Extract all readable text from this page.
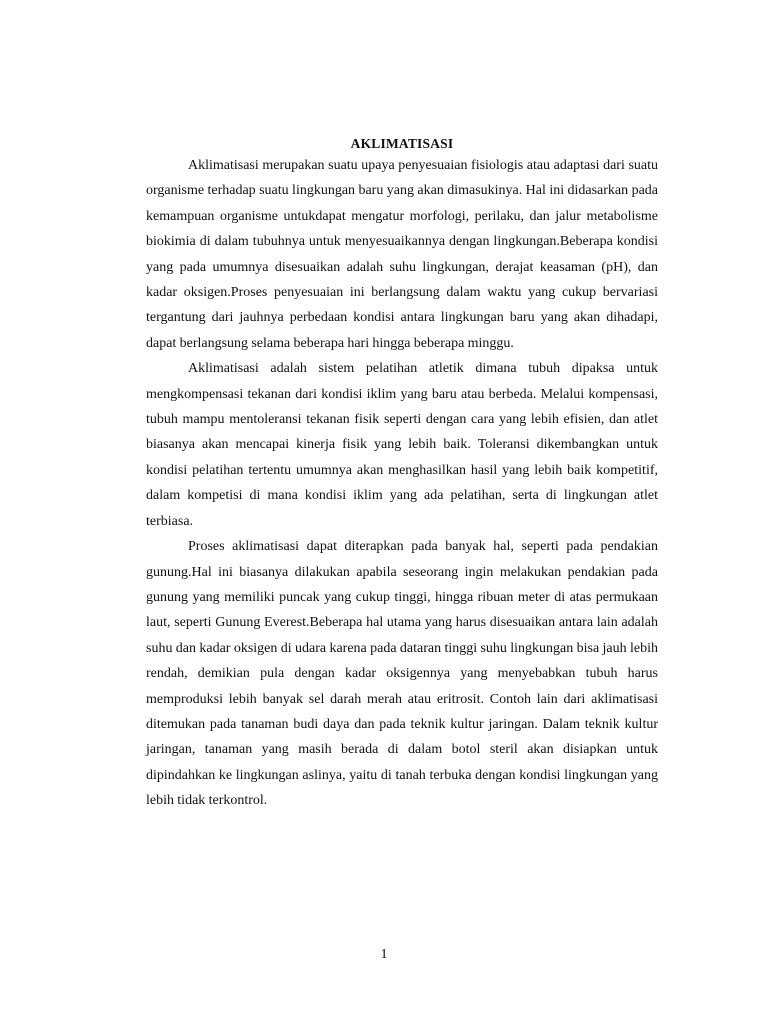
AKLIMATISASI

Aklimatisasi merupakan suatu upaya penyesuaian fisiologis atau adaptasi dari suatu organisme terhadap suatu lingkungan baru yang akan dimasukinya. Hal ini didasarkan pada kemampuan organisme untukdapat mengatur morfologi, perilaku, dan jalur metabolisme biokimia di dalam tubuhnya untuk menyesuaikannya dengan lingkungan.Beberapa kondisi yang pada umumnya disesuaikan adalah suhu lingkungan, derajat keasaman (pH), dan kadar oksigen.Proses penyesuaian ini berlangsung dalam waktu yang cukup bervariasi tergantung dari jauhnya perbedaan kondisi antara lingkungan baru yang akan dihadapi, dapat berlangsung selama beberapa hari hingga beberapa minggu.

Aklimatisasi adalah sistem pelatihan atletik dimana tubuh dipaksa untuk mengkompensasi tekanan dari kondisi iklim yang baru atau berbeda. Melalui kompensasi, tubuh mampu mentoleransi tekanan fisik seperti dengan cara yang lebih efisien, dan atlet biasanya akan mencapai kinerja fisik yang lebih baik. Toleransi dikembangkan untuk kondisi pelatihan tertentu umumnya akan menghasilkan hasil yang lebih baik kompetitif, dalam kompetisi di mana kondisi iklim yang ada pelatihan, serta di lingkungan atlet terbiasa.

Proses aklimatisasi dapat diterapkan pada banyak hal, seperti pada pendakian gunung.Hal ini biasanya dilakukan apabila seseorang ingin melakukan pendakian pada gunung yang memiliki puncak yang cukup tinggi, hingga ribuan meter di atas permukaan laut, seperti Gunung Everest.Beberapa hal utama yang harus disesuaikan antara lain adalah suhu dan kadar oksigen di udara karena pada dataran tinggi suhu lingkungan bisa jauh lebih rendah, demikian pula dengan kadar oksigennya yang menyebabkan tubuh harus memproduksi lebih banyak sel darah merah atau eritrosit. Contoh lain dari aklimatisasi ditemukan pada tanaman budi daya dan pada teknik kultur jaringan. Dalam teknik kultur jaringan, tanaman yang masih berada di dalam botol steril akan disiapkan untuk dipindahkan ke lingkungan aslinya, yaitu di tanah terbuka dengan kondisi lingkungan yang lebih tidak terkontrol.

1
